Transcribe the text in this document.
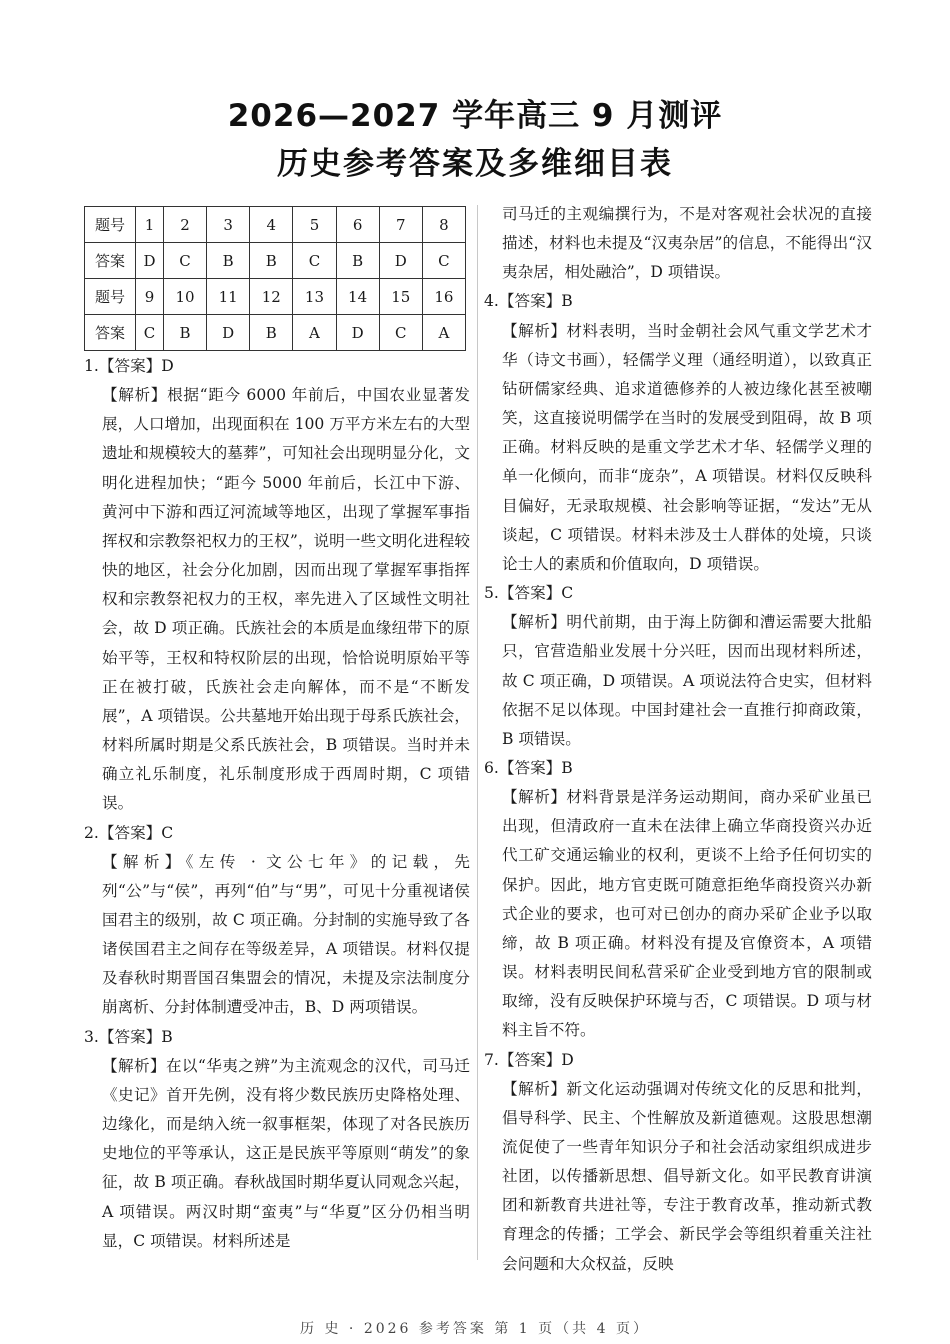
2026—2027 学年高三 9 月测评
历史参考答案及多维细目表
题号	1	2	3	4	5	6	7	8
答案	D	C	B	B	C	B	D	C
题号	9	10	11	12	13	14	15	16
答案	C	B	D	B	A	D	C	A
1.【答案】D
【解析】根据“距今 6000 年前后，中国农业显著发展，人口增加，出现面积在 100 万平方米左右的大型遗址和规模较大的墓葬”，可知社会出现明显分化，文明化进程加快；“距今 5000 年前后，长江中下游、黄河中下游和西辽河流域等地区，出现了掌握军事指挥权和宗教祭祀权力的王权”，说明一些文明化进程较快的地区，社会分化加剧，因而出现了掌握军事指挥权和宗教祭祀权力的王权，率先进入了区域性文明社会，故 D 项正确。氏族社会的本质是血缘纽带下的原始平等，王权和特权阶层的出现，恰恰说明原始平等正在被打破，氏族社会走向解体，而不是“不断发展”，A 项错误。公共墓地开始出现于母系氏族社会，材料所属时期是父系氏族社会，B 项错误。当时并未确立礼乐制度，礼乐制度形成于西周时期，C 项错误。
2.【答案】C
【解析】《左传 · 文公七年》的记载，先列“公”与“侯”，再列“伯”与“男”，可见十分重视诸侯国君主的级别，故 C 项正确。分封制的实施导致了各诸侯国君主之间存在等级差异，A 项错误。材料仅提及春秋时期晋国召集盟会的情况，未提及宗法制度分崩离析、分封体制遭受冲击，B、D 两项错误。
3.【答案】B
【解析】在以“华夷之辨”为主流观念的汉代，司马迁《史记》首开先例，没有将少数民族历史降格处理、边缘化，而是纳入统一叙事框架，体现了对各民族历史地位的平等承认，这正是民族平等原则“萌发”的象征，故 B 项正确。春秋战国时期华夏认同观念兴起，A 项错误。两汉时期“蛮夷”与“华夏”区分仍相当明显，C 项错误。材料所述是
司马迁的主观编撰行为，不是对客观社会状况的直接描述，材料也未提及“汉夷杂居”的信息，不能得出“汉夷杂居，相处融洽”，D 项错误。
4.【答案】B
【解析】材料表明，当时金朝社会风气重文学艺术才华（诗文书画），轻儒学义理（通经明道），以致真正钻研儒家经典、追求道德修养的人被边缘化甚至被嘲笑，这直接说明儒学在当时的发展受到阻碍，故 B 项正确。材料反映的是重文学艺术才华、轻儒学义理的单一化倾向，而非“庞杂”，A 项错误。材料仅反映科目偏好，无录取规模、社会影响等证据，“发达”无从谈起，C 项错误。材料未涉及士人群体的处境，只谈论士人的素质和价值取向，D 项错误。
5.【答案】C
【解析】明代前期，由于海上防御和漕运需要大批船只，官营造船业发展十分兴旺，因而出现材料所述，故 C 项正确，D 项错误。A 项说法符合史实，但材料依据不足以体现。中国封建社会一直推行抑商政策，B 项错误。
6.【答案】B
【解析】材料背景是洋务运动期间，商办采矿业虽已出现，但清政府一直未在法律上确立华商投资兴办近代工矿交通运输业的权利，更谈不上给予任何切实的保护。因此，地方官吏既可随意拒绝华商投资兴办新式企业的要求，也可对已创办的商办采矿企业予以取缔，故 B 项正确。材料没有提及官僚资本，A 项错误。材料表明民间私营采矿企业受到地方官的限制或取缔，没有反映保护环境与否，C 项错误。D 项与材料主旨不符。
7.【答案】D
【解析】新文化运动强调对传统文化的反思和批判，倡导科学、民主、个性解放及新道德观。这股思想潮流促使了一些青年知识分子和社会活动家组织成进步社团，以传播新思想、倡导新文化。如平民教育讲演团和新教育共进社等，专注于教育改革，推动新式教育理念的传播；工学会、新民学会等组织着重关注社会问题和大众权益，反映
历 史 · 2026 参考答案 第 1 页（共 4 页）
